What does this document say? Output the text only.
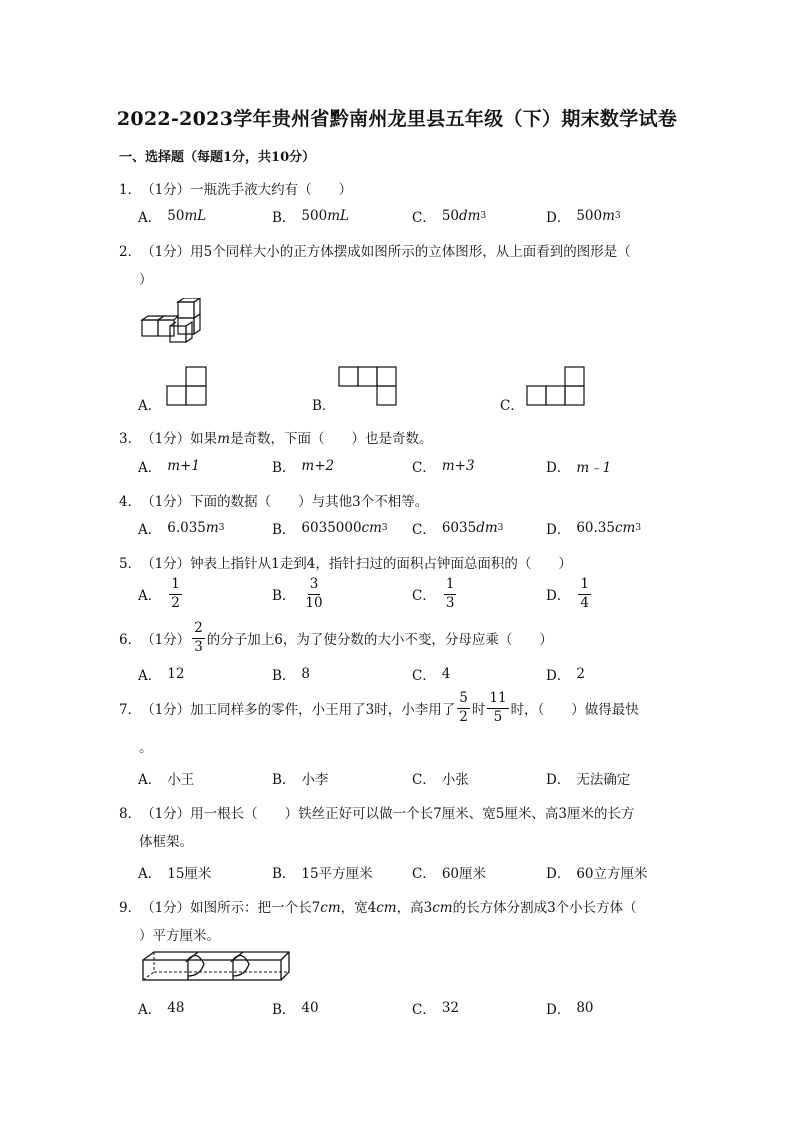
2022-2023学年贵州省黔南州龙里县五年级（下）期末数学试卷
一、选择题（每题1分，共10分）
1．（1分）一瓶洗手液大约有（　　）
A． 50 mL	B． 500 mL	C． 50 dm 3	D． 500 m 3
2．（1分）用5个同样大小的正方体摆成如图所示的立体图形，从上面看到的图形是（
）
A．	B．	C．
3．（1分）如果m是奇数，下面（　　）也是奇数。
A． m+1	B． m+2	C． m+3	D． m﹣1
4．（1分）下面的数据（　　）与其他3个不相等。
A． 6.035 m 3	B． 6035000 cm 3 C． 6035 dm 3	D． 60.35 cm 3
5．（1分）钟表上指针从1走到4，指针扫过的面积占钟面总面积的（　　）
A． $\frac{1}{2}$	B． $\frac{3}{10}$	C． $\frac{1}{3}$	D． $\frac{1}{4}$
6． （1分） $\frac{2}{3}$ 的分子加上6，为了使分数的大小不变，分母应乘（　　）
A． 12	B． 8	C． 4	D． 2
7． （1分）加工同样多的零件，小王用了3时，小李用了 $\frac{5}{2}$ 时 $\frac{11}{5}$ 时，（　　）做得最快
。
A． 小王	B． 小李	C． 小张	D． 无法确定
8．（1分）用一根长（　　）铁丝正好可以做一个长7厘米、宽5厘米、高3厘米的长方
体框架。
A． 15厘米	B． 15平方厘米	C． 60厘米	D． 60立方厘米
9．（1分）如图所示：把一个长7cm，宽4cm，高3cm的长方体分割成3个小长方体（
）平方厘米。
A． 48	B． 40	C． 32	D． 80
